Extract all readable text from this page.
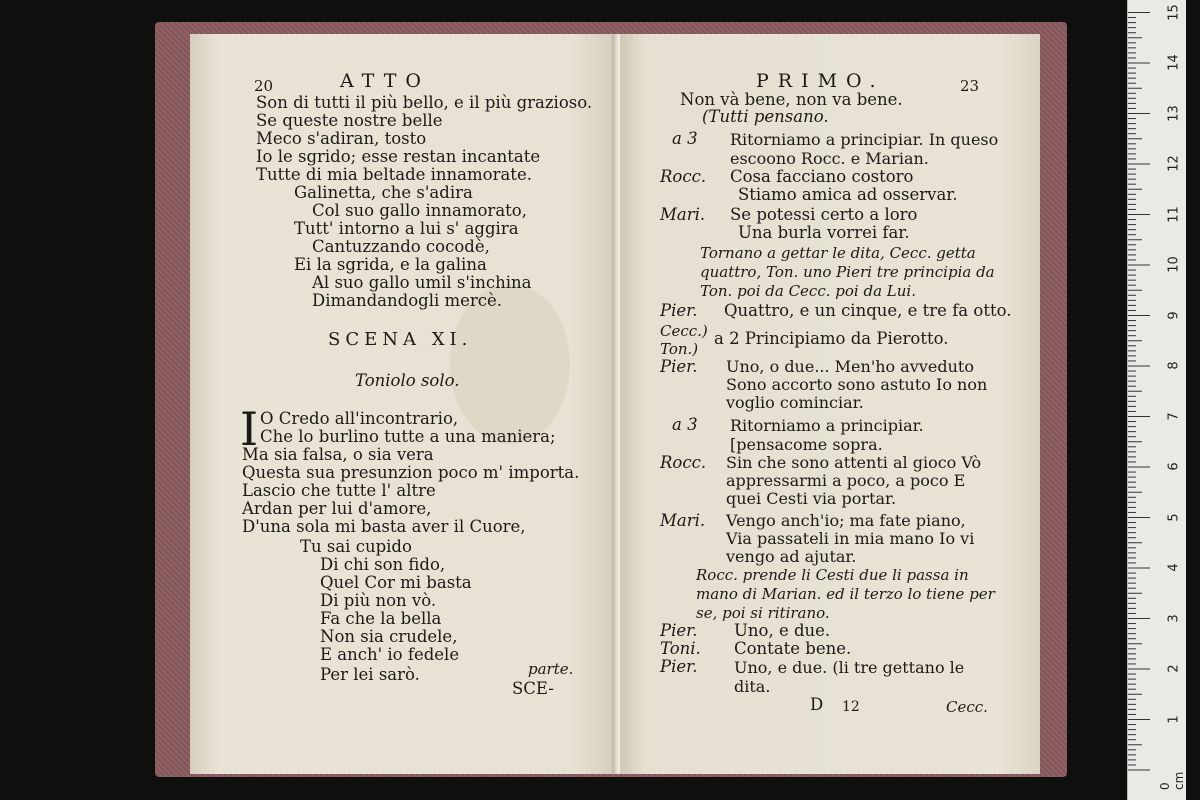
20	ATTO
Son di tutti il più bello, e il più grazioso.
Se queste nostre belle
Meco s'adiran, tosto
Io le sgrido; esse restan incantate
Tutte di mia beltade innamorate.
Galinetta, che s'adira
Col suo gallo innamorato,
Tutt' intorno a lui s' aggira
Cantuzzando cocodè,
Ei la sgrida, e la galina
Al suo gallo umil s'inchina
Dimandandogli mercè.
SCENA XI.
Toniolo solo.
I O Credo all'incontrario,
Che lo burlino tutte a una maniera;
Ma sia falsa, o sia vera
Questa sua presunzion poco m' importa.
Lascio che tutte l' altre
Ardan per lui d'amore,
D'una sola mi basta aver il Cuore,
Tu sai cupido
Di chi son fido,
Quel Cor mi basta
Di più non vò.
Fa che la bella
Non sia crudele,
E anch' io fedele
Per lei sarò.	parte.
SCE-
PRIMO.	23
Non và bene, non va bene.
(Tutti pensano.
a 3 Ritorniamo a principiar. In queso escoono Rocc. e Marian.
Rocc. Cosa facciano costoro
Stiamo amica ad osservar.
Mari. Se potessi certo a loro
Una burla vorrei far.
Tornano a gettar le dita, Cecc. getta quattro, Ton. uno Pieri tre principia da Ton. poi da Cecc. poi da Lui.
Pier. Quattro, e un cinque, e tre fa otto.
Cecc.) Ton.)
a 2 Principiamo da Pierotto.
Pier. Uno, o due... Men'ho avveduto Sono accorto sono astuto Io non voglio cominciar.
a 3 Ritorniamo a principiar. [pensacome sopra.
Rocc. Sin che sono attenti al gioco Vò appressarmi a poco, a poco E quei Cesti via portar.
Mari. Vengo anch'io; ma fate piano, Via passateli in mia mano Io vi vengo ad ajutar.
Rocc. prende li Cesti due li passa in mano di Marian. ed il terzo lo tiene per se, poi si ritirano.
Pier. Uno, e due.
Toni. Contate bene.
Pier. Uno, e due. (li tre gettano le dita.
D 12	Cecc.
0 cm
1
2
3
4
5
6
7
8
9
10
11
12
13
14
15
